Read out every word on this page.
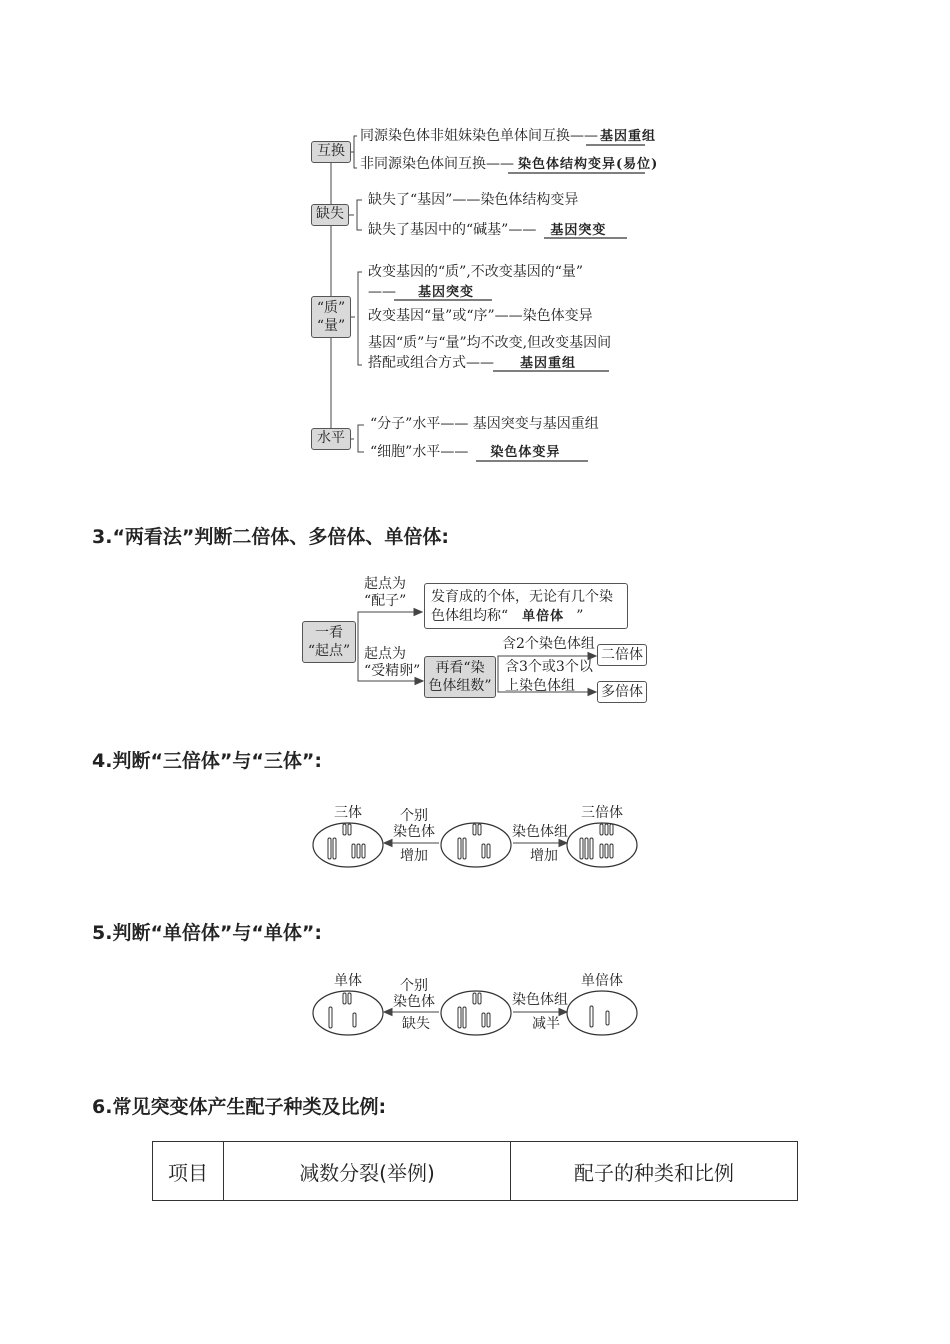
互换
缺失
“质”
“量”
水平
同源染色体非姐妹染色单体间互换—— 基因重组
非同源染色体间互换—— 染色体结构变异(易位)
缺失了“基因”——染色体结构变异
缺失了基因中的“碱基”—— 基因突变
改变基因的“质”,不改变基因的“量”
—— 基因突变
改变基因“量”或“序”——染色体变异
基因“质”与“量”均不改变,但改变基因间
搭配或组合方式—— 基因重组
“分子”水平—— 基因突变与基因重组
“细胞”水平—— 染色体变异
3.“两看法”判断二倍体、多倍体、单倍体:
一看
“起点”
起点为
“配子” 发育成的个体，无论有几个染
色体组均称“ 单倍体 ”
起点为
“受精卵”	再看“染
色体组数”
含2个染色体组
含3个或3个以
上染色体组
二倍体
多倍体
4.判断“三倍体”与“三体”:
三体	三倍体
个别
染色体
增加
染色体组
增加
5.判断“单倍体”与“单体”:
单体	单倍体
个别
染色体
缺失
染色体组
减半
6.常见突变体产生配子种类及比例:
项目	减数分裂(举例)	配子的种类和比例
